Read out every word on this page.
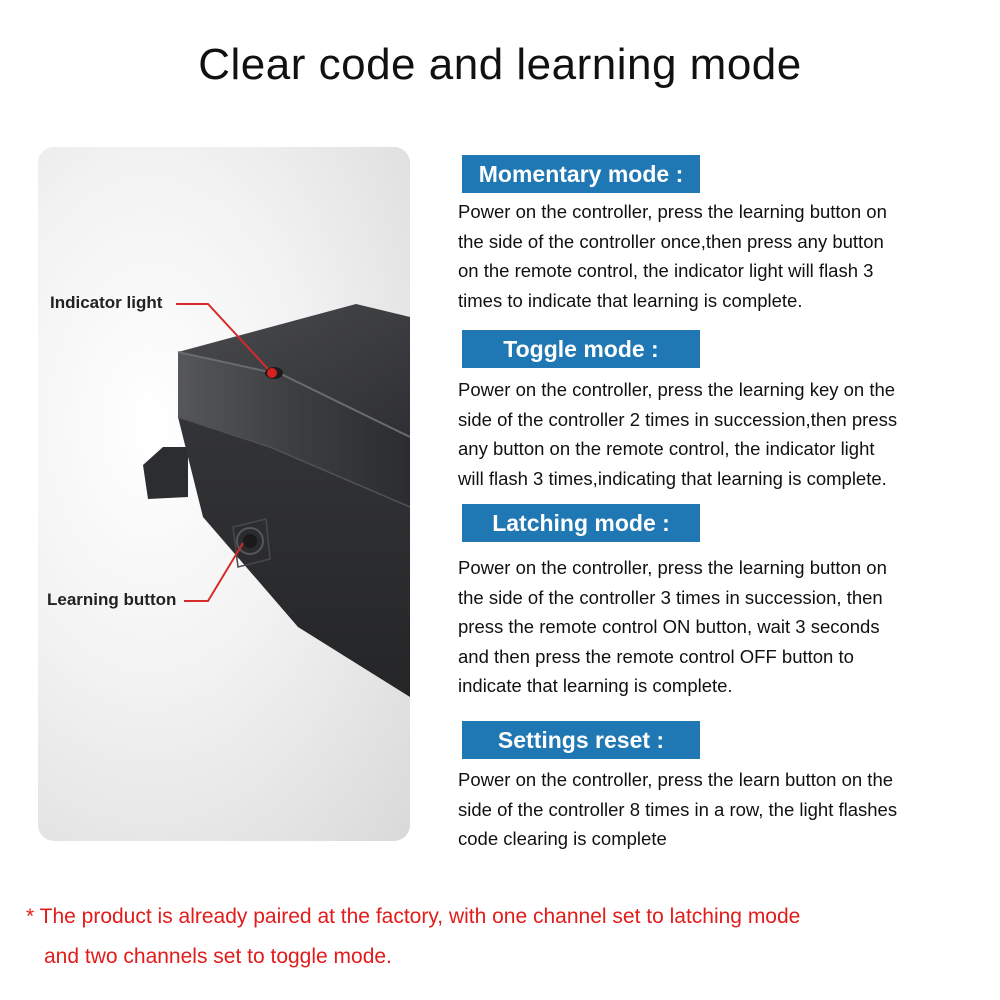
Clear code and learning mode
Indicator light
Learning button
Momentary mode :
Power on the controller, press the learning button on
the side of the controller once,then press any button
on the remote control, the indicator light will flash 3
times to indicate that learning is complete.
Toggle mode :
Power on the controller, press the learning key on the
side of the controller 2 times in succession,then press
any button on the remote control, the indicator light
will flash 3 times,indicating that learning is complete.
Latching mode :
Power on the controller, press the learning button on
the side of the controller 3 times in succession, then
press the remote control ON button, wait 3 seconds
and then press the remote control OFF button to
indicate that learning is complete.
Settings reset :
Power on the controller, press the learn button on the
side of the controller 8 times in a row, the light flashes
code clearing is complete
* The product is already paired at the factory, with one channel set to latching mode
and two channels set to toggle mode.
